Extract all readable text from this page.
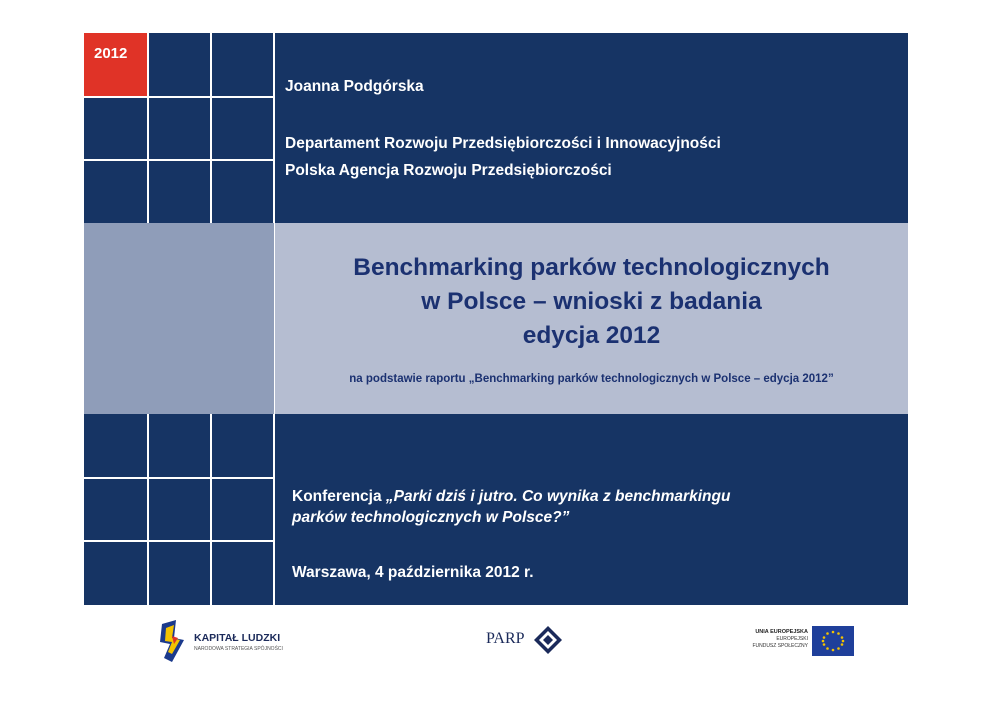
2012
Joanna Podgórska
Departament Rozwoju Przedsiębiorczości i Innowacyjności
Polska Agencja Rozwoju Przedsiębiorczości
Benchmarking parków technologicznych
w Polsce – wnioski z badania
edycja 2012
na podstawie raportu „Benchmarking parków technologicznych w Polsce – edycja 2012”
Konferencja „Parki dziś i jutro. Co wynika z benchmarkingu
parków technologicznych w Polsce?”
Warszawa, 4 października 2012 r.
KAPITAŁ LUDZKI
NARODOWA STRATEGIA SPÓJNOŚCI
PARP	UNIA EUROPEJSKA
EUROPEJSKI
FUNDUSZ SPOŁECZNY
